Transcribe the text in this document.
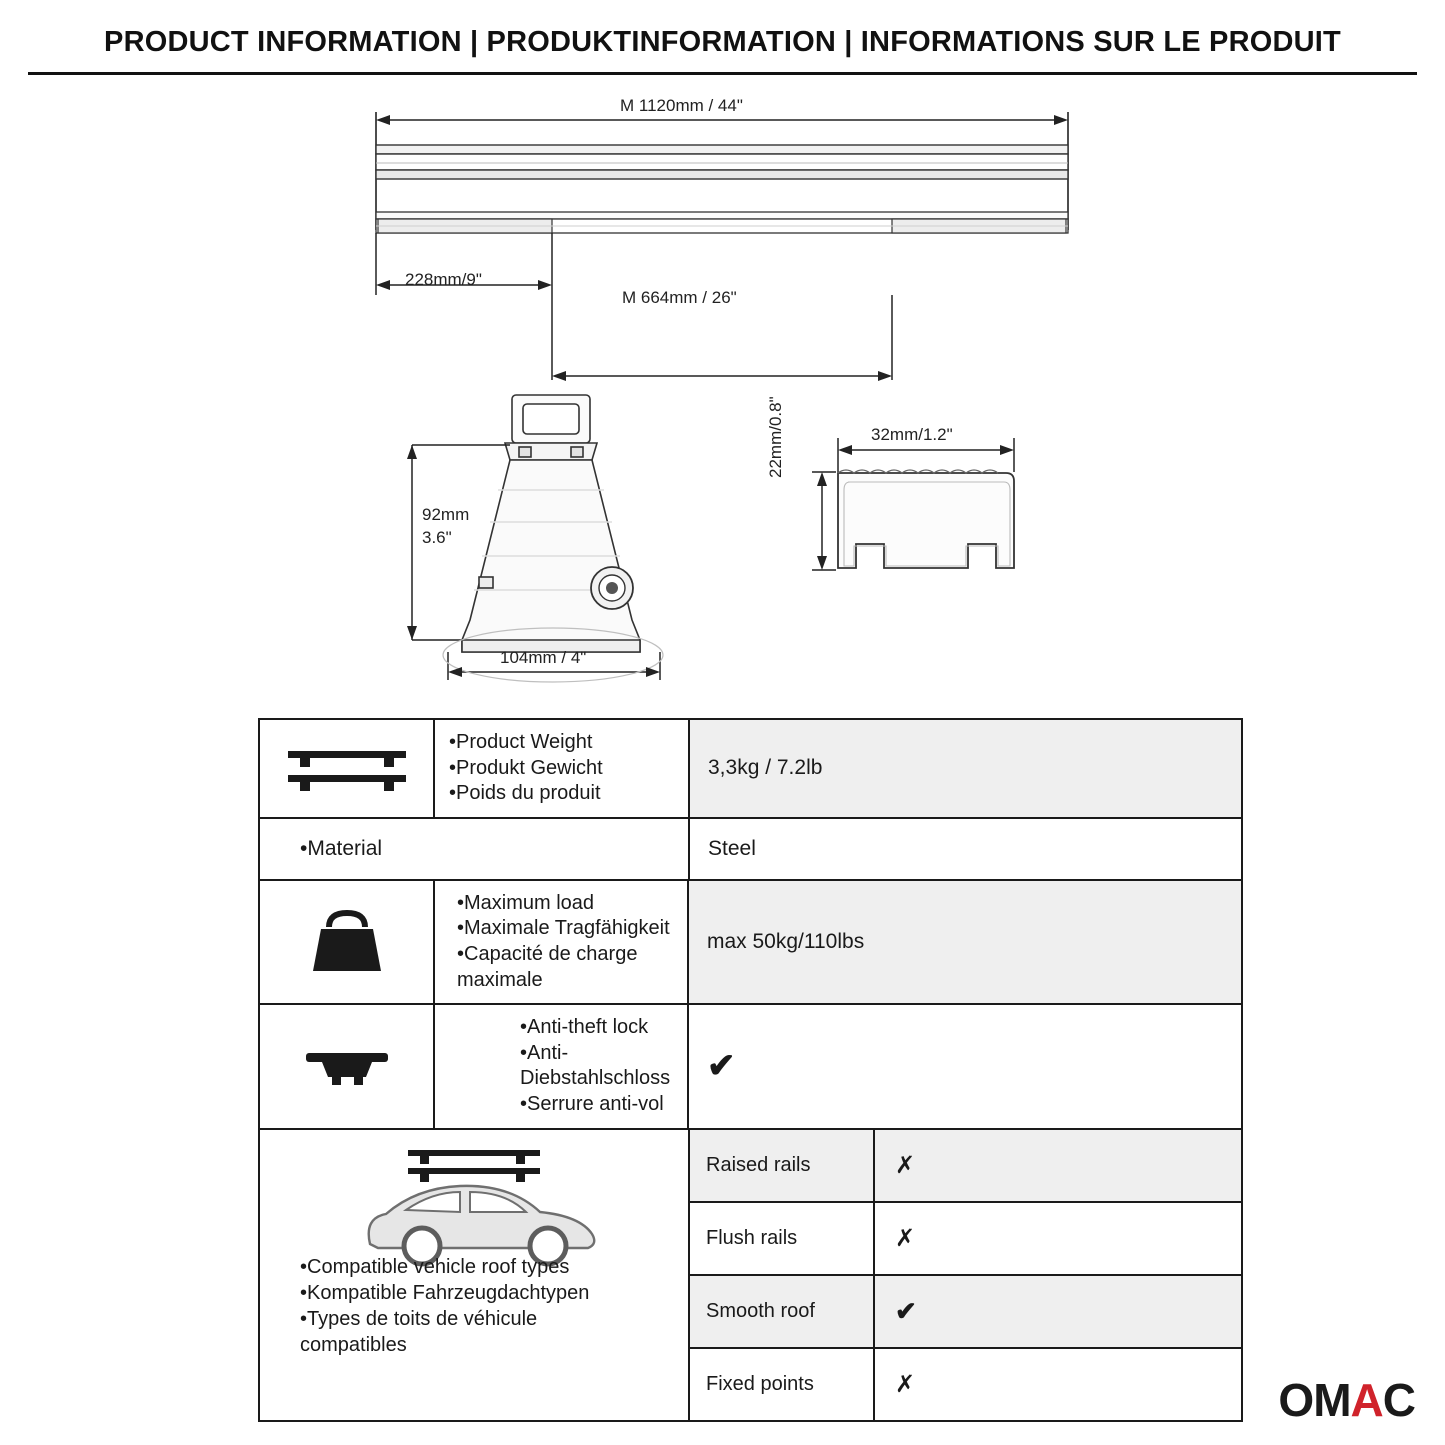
PRODUCT INFORMATION | PRODUKTINFORMATION | INFORMATIONS SUR LE PRODUIT
M 1120mm / 44"
228mm/9"
M 664mm / 26"
92mm
3.6"
104mm / 4"
32mm/1.2"
22mm/0.8"
•Product Weight
•Produkt Gewicht
•Poids du produit
3,3kg / 7.2lb
•Material	Steel
•Maximum load
•Maximale Tragfähigkeit
•Capacité de charge maximale
max 50kg/110lbs
•Anti-theft lock
•Anti-Diebstahlschloss
•Serrure anti-vol
✔
•Compatible vehicle roof types
•Kompatible Fahrzeugdachtypen
•Types de toits de véhicule
compatibles
Raised rails	✗
Flush rails	✗
Smooth roof	✔
Fixed points	✗	OMAC
